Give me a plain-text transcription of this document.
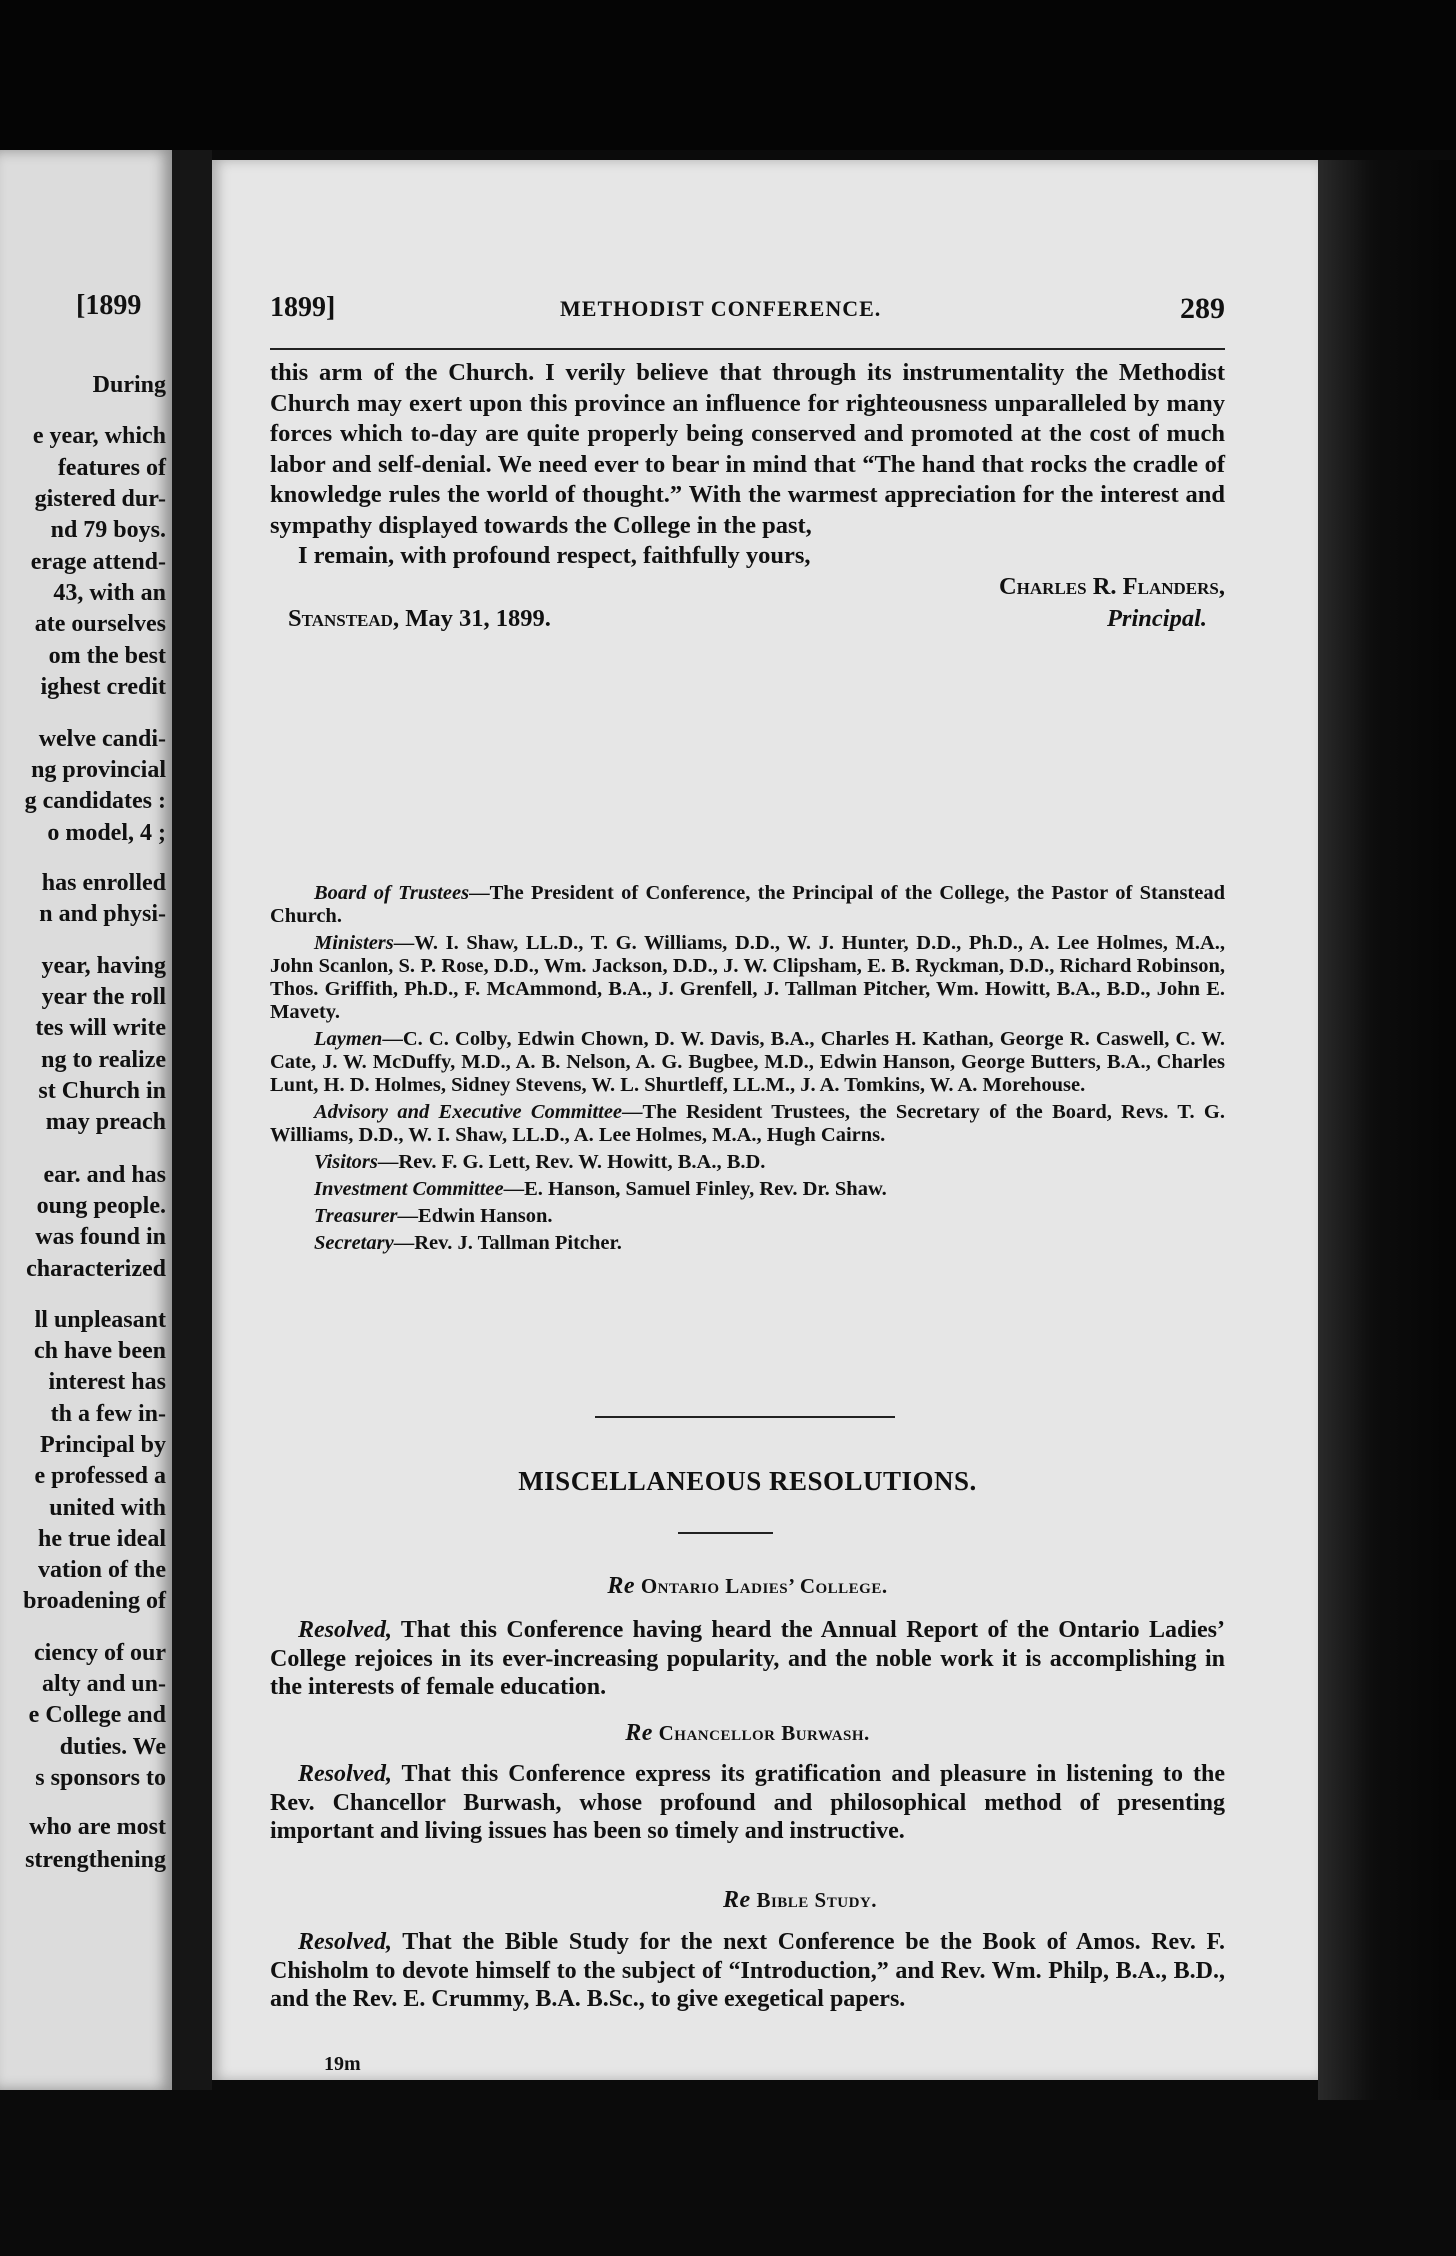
[1899
During
e year, which
features of
gistered dur-
nd 79 boys.
erage attend-
43, with an
ate ourselves
om the best
ighest credit
welve candi-
ng provincial
g candidates :
o model, 4 ;
has enrolled
n and physi-
year, having
year the roll
tes will write
ng to realize
st Church in
may preach
ear. and has
oung people.
was found in
characterized
ll unpleasant
ch have been
interest has
th a few in-
Principal by
e professed a
united with
he true ideal
vation of the
broadening of
ciency of our
alty and un-
e College and
duties. We
s sponsors to
who are most
strengthening
1899]	METHODIST CONFERENCE.	289

this arm of the Church. I verily believe that through its instrumentality the Methodist Church may exert upon this province an influence for righteousness unparalleled by many forces which to-day are quite properly being conserved and promoted at the cost of much labor and self-denial. We need ever to bear in mind that “The hand that rocks the cradle of knowledge rules the world of thought.” With the warmest appreciation for the interest and sympathy displayed towards the College in the past,

I remain, with profound respect, faithfully yours,

Charles R. Flanders,

Stanstead, May 31, 1899.	Principal.

Board of Trustees—The President of Conference, the Principal of the College, the Pastor of Stanstead Church.

Ministers—W. I. Shaw, LL.D., T. G. Williams, D.D., W. J. Hunter, D.D., Ph.D., A. Lee Holmes, M.A., John Scanlon, S. P. Rose, D.D., Wm. Jackson, D.D., J. W. Clipsham, E. B. Ryckman, D.D., Richard Robinson, Thos. Griffith, Ph.D., F. McAmmond, B.A., J. Grenfell, J. Tallman Pitcher, Wm. Howitt, B.A., B.D., John E. Mavety.

Laymen—C. C. Colby, Edwin Chown, D. W. Davis, B.A., Charles H. Kathan, George R. Caswell, C. W. Cate, J. W. McDuffy, M.D., A. B. Nelson, A. G. Bugbee, M.D., Edwin Hanson, George Butters, B.A., Charles Lunt, H. D. Holmes, Sidney Stevens, W. L. Shurtleff, LL.M., J. A. Tomkins, W. A. Morehouse.

Advisory and Executive Committee—The Resident Trustees, the Secretary of the Board, Revs. T. G. Williams, D.D., W. I. Shaw, LL.D., A. Lee Holmes, M.A., Hugh Cairns.

Visitors—Rev. F. G. Lett, Rev. W. Howitt, B.A., B.D.

Investment Committee—E. Hanson, Samuel Finley, Rev. Dr. Shaw.

Treasurer—Edwin Hanson.

Secretary—Rev. J. Tallman Pitcher.

MISCELLANEOUS RESOLUTIONS.
Re Ontario Ladies’ College.

Resolved, That this Conference having heard the Annual Report of the Ontario Ladies’ College rejoices in its ever-increasing popularity, and the noble work it is accomplishing in the interests of female education.

Re Chancellor Burwash.

Resolved, That this Conference express its gratification and pleasure in listening to the Rev. Chancellor Burwash, whose profound and philosophical method of presenting important and living issues has been so timely and instructive.

Re Bible Study.

Resolved, That the Bible Study for the next Conference be the Book of Amos. Rev. F. Chisholm to devote himself to the subject of “Introduction,” and Rev. Wm. Philp, B.A., B.D., and the Rev. E. Crummy, B.A. B.Sc., to give exegetical papers.

19m
